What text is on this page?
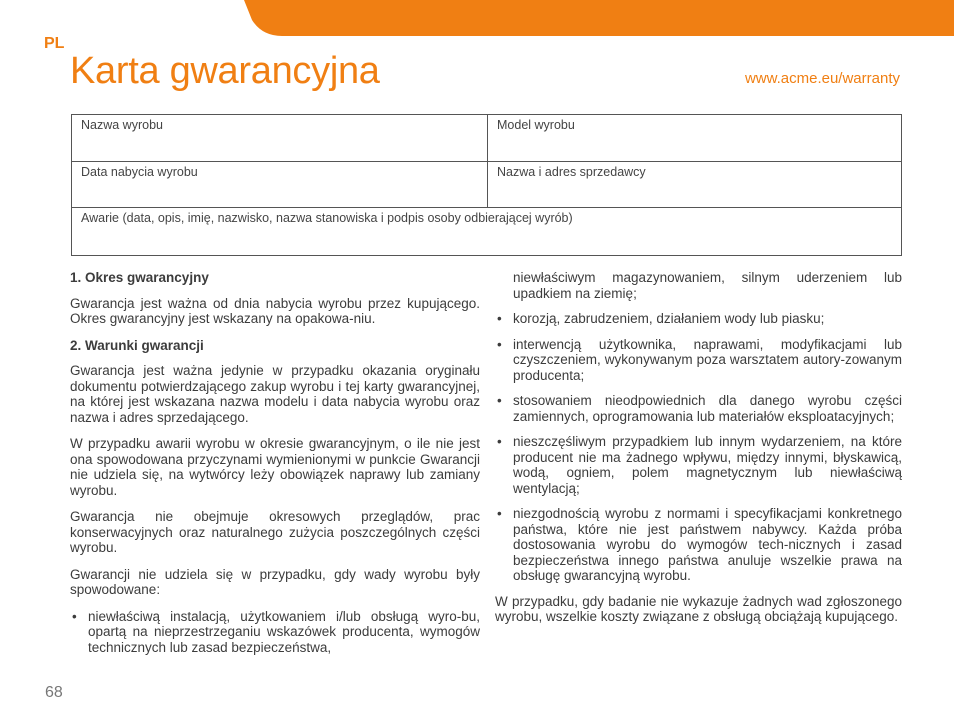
PL
Karta gwarancyjna	www.acme.eu/warranty
Nazwa wyrobu	Model wyrobu
Data nabycia wyrobu	Nazwa i adres sprzedawcy
Awarie (data, opis, imię, nazwisko, nazwa stanowiska i podpis osoby odbierającej wyrób)
1. Okres gwarancyjny

Gwarancja jest ważna od dnia nabycia wyrobu przez kupującego. Okres gwarancyjny jest wskazany na opakowa-niu.

2. Warunki gwarancji

Gwarancja jest ważna jedynie w przypadku okazania oryginału dokumentu potwierdzającego zakup wyrobu i tej karty gwarancyjnej, na której jest wskazana nazwa modelu i data nabycia wyrobu oraz nazwa i adres sprzedającego.

W przypadku awarii wyrobu w okresie gwarancyjnym, o ile nie jest ona spowodowana przyczynami wymienionymi w punkcie Gwarancji nie udziela się, na wytwórcy leży obowiązek naprawy lub zamiany wyrobu.

Gwarancja nie obejmuje okresowych przeglądów, prac konserwacyjnych oraz naturalnego zużycia poszczególnych części wyrobu.

Gwarancji nie udziela się w przypadku, gdy wady wyrobu były spowodowane:

• niewłaściwą instalacją, użytkowaniem i/lub obsługą wyro-bu, opartą na nieprzestrzeganiu wskazówek producenta, wymogów technicznych lub zasad bezpieczeństwa,
niewłaściwym magazynowaniem, silnym uderzeniem lub upadkiem na ziemię;
• korozją, zabrudzeniem, działaniem wody lub piasku;
• interwencją użytkownika, naprawami, modyfikacjami lub czyszczeniem, wykonywanym poza warsztatem autory-zowanym producenta;
• stosowaniem nieodpowiednich dla danego wyrobu części zamiennych, oprogramowania lub materiałów eksploatacyjnych;
• nieszczęśliwym przypadkiem lub innym wydarzeniem, na które producent nie ma żadnego wpływu, między innymi, błyskawicą, wodą, ogniem, polem magnetycznym lub niewłaściwą wentylacją;
• niezgodnością wyrobu z normami i specyfikacjami konkretnego państwa, które nie jest państwem nabywcy. Każda próba dostosowania wyrobu do wymogów tech-nicznych i zasad bezpieczeństwa innego państwa anuluje wszelkie prawa na obsługę gwarancyjną wyrobu.

W przypadku, gdy badanie nie wykazuje żadnych wad zgłoszonego wyrobu, wszelkie koszty związane z obsługą obciążają kupującego.

68
